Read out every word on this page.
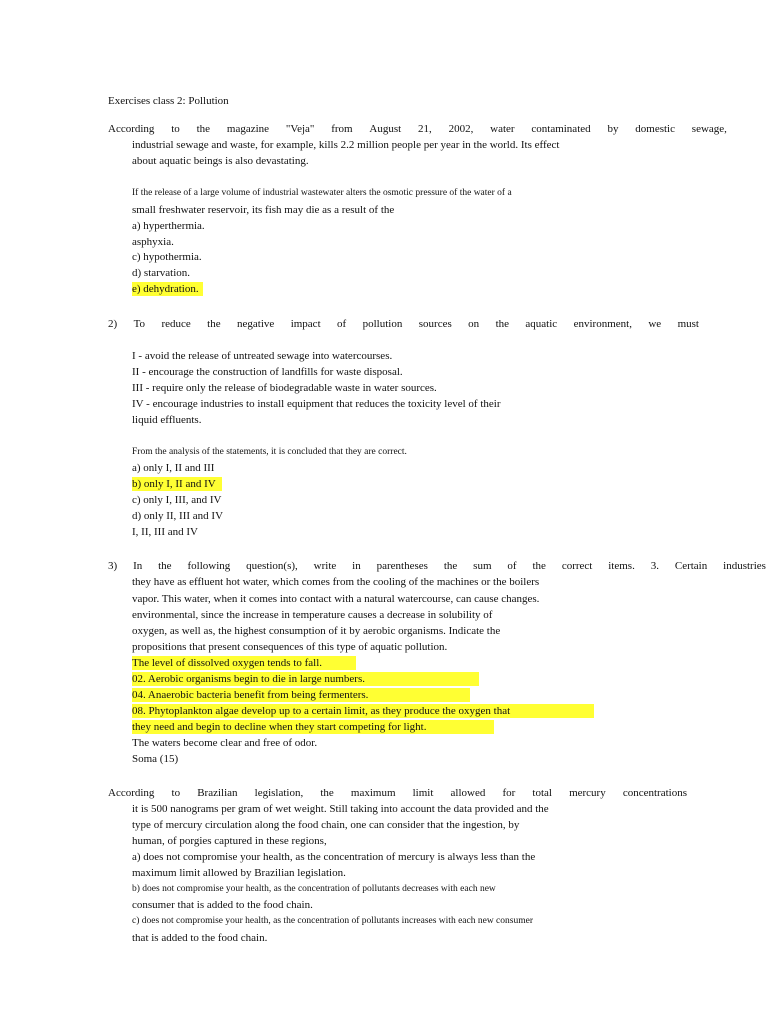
Exercises class 2: Pollution
According to the magazine "Veja" from August 21, 2002, water contaminated by domestic sewage,
industrial sewage and waste, for example, kills 2.2 million people per year in the world. Its effect
about aquatic beings is also devastating.
If the release of a large volume of industrial wastewater alters the osmotic pressure of the water of a
small freshwater reservoir, its fish may die as a result of the
a) hyperthermia.
asphyxia.
c) hypothermia.
d) starvation.
e) dehydration.
2) To reduce the negative impact of pollution sources on the aquatic environment, we must
I - avoid the release of untreated sewage into watercourses.
II - encourage the construction of landfills for waste disposal.
III - require only the release of biodegradable waste in water sources.
IV - encourage industries to install equipment that reduces the toxicity level of their
liquid effluents.
From the analysis of the statements, it is concluded that they are correct.
a) only I, II and III
b) only I, II and IV
c) only I, III, and IV
d) only II, III and IV
I, II, III and IV
3) In the following question(s), write in parentheses the sum of the correct items. 3. Certain industries
they have as effluent hot water, which comes from the cooling of the machines or the boilers
vapor. This water, when it comes into contact with a natural watercourse, can cause changes.
environmental, since the increase in temperature causes a decrease in solubility of
oxygen, as well as, the highest consumption of it by aerobic organisms. Indicate the
propositions that present consequences of this type of aquatic pollution.
The level of dissolved oxygen tends to fall.
02. Aerobic organisms begin to die in large numbers.
04. Anaerobic bacteria benefit from being fermenters.
08. Phytoplankton algae develop up to a certain limit, as they produce the oxygen that
they need and begin to decline when they start competing for light.
The waters become clear and free of odor.
Soma (15)
According to Brazilian legislation, the maximum limit allowed for total mercury concentrations
it is 500 nanograms per gram of wet weight. Still taking into account the data provided and the
type of mercury circulation along the food chain, one can consider that the ingestion, by
human, of porgies captured in these regions,
a) does not compromise your health, as the concentration of mercury is always less than the
maximum limit allowed by Brazilian legislation.
b) does not compromise your health, as the concentration of pollutants decreases with each new
consumer that is added to the food chain.
c) does not compromise your health, as the concentration of pollutants increases with each new consumer
that is added to the food chain.
